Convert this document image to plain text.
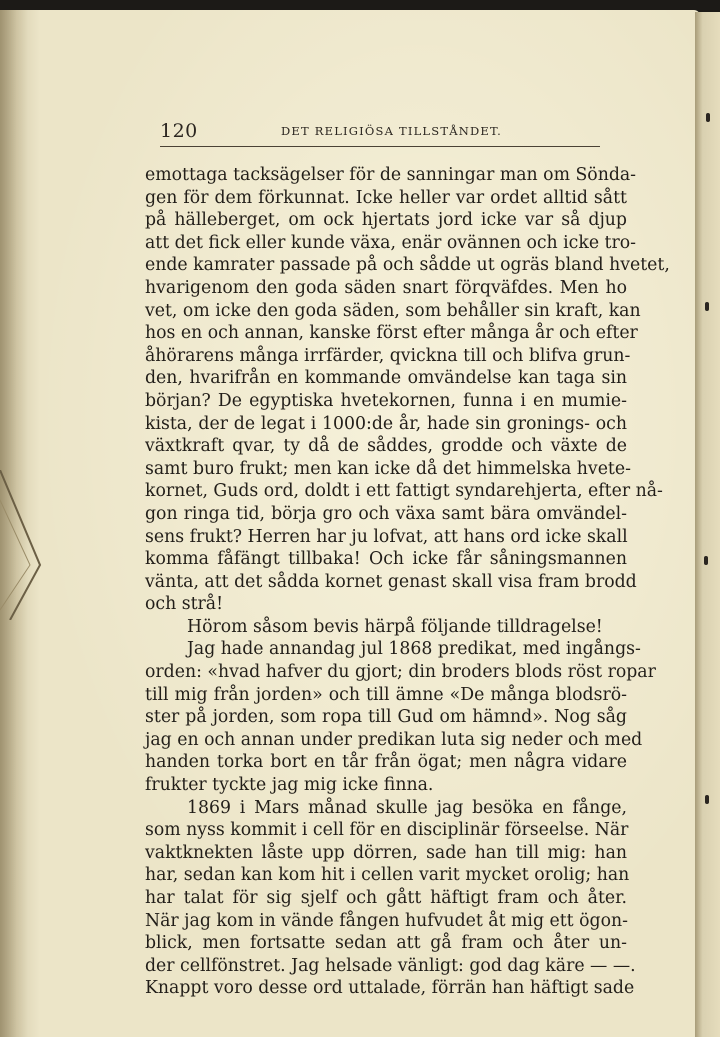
120	DET RELIGIÖSA TILLSTÅNDET.
emottaga tacksägelser för de sanningar man om Sönda-
gen för dem förkunnat. Icke heller var ordet alltid sått
på hälleberget, om ock hjertats jord icke var så djup
att det fick eller kunde växa, enär ovännen och icke tro-
ende kamrater passade på och sådde ut ogräs bland hvetet,
hvarigenom den goda säden snart förqväfdes. Men ho
vet, om icke den goda säden, som behåller sin kraft, kan
hos en och annan, kanske först efter många år och efter
åhörarens många irrfärder, qvickna till och blifva grun-
den, hvarifrån en kommande omvändelse kan taga sin
början? De egyptiska hvetekornen, funna i en mumie-
kista, der de legat i 1000:de år, hade sin gronings- och
växtkraft qvar, ty då de såddes, grodde och växte de
samt buro frukt; men kan icke då det himmelska hvete-
kornet, Guds ord, doldt i ett fattigt syndarehjerta, efter nå-
gon ringa tid, börja gro och växa samt bära omvändel-
sens frukt? Herren har ju lofvat, att hans ord icke skall
komma fåfängt tillbaka! Och icke får såningsmannen
vänta, att det sådda kornet genast skall visa fram brodd
och strå!
Hörom såsom bevis härpå följande tilldragelse!
Jag hade annandag jul 1868 predikat, med ingångs-
orden: «hvad hafver du gjort; din broders blods röst ropar
till mig från jorden» och till ämne «De många blodsrö-
ster på jorden, som ropa till Gud om hämnd». Nog såg
jag en och annan under predikan luta sig neder och med
handen torka bort en tår från ögat; men några vidare
frukter tyckte jag mig icke finna.
1869 i Mars månad skulle jag besöka en fånge,
som nyss kommit i cell för en disciplinär förseelse. När
vaktknekten låste upp dörren, sade han till mig: han
har, sedan kan kom hit i cellen varit mycket orolig; han
har talat för sig sjelf och gått häftigt fram och åter.
När jag kom in vände fången hufvudet åt mig ett ögon-
blick, men fortsatte sedan att gå fram och åter un-
der cellfönstret. Jag helsade vänligt: god dag käre — —.
Knappt voro desse ord uttalade, förrän han häftigt sade
